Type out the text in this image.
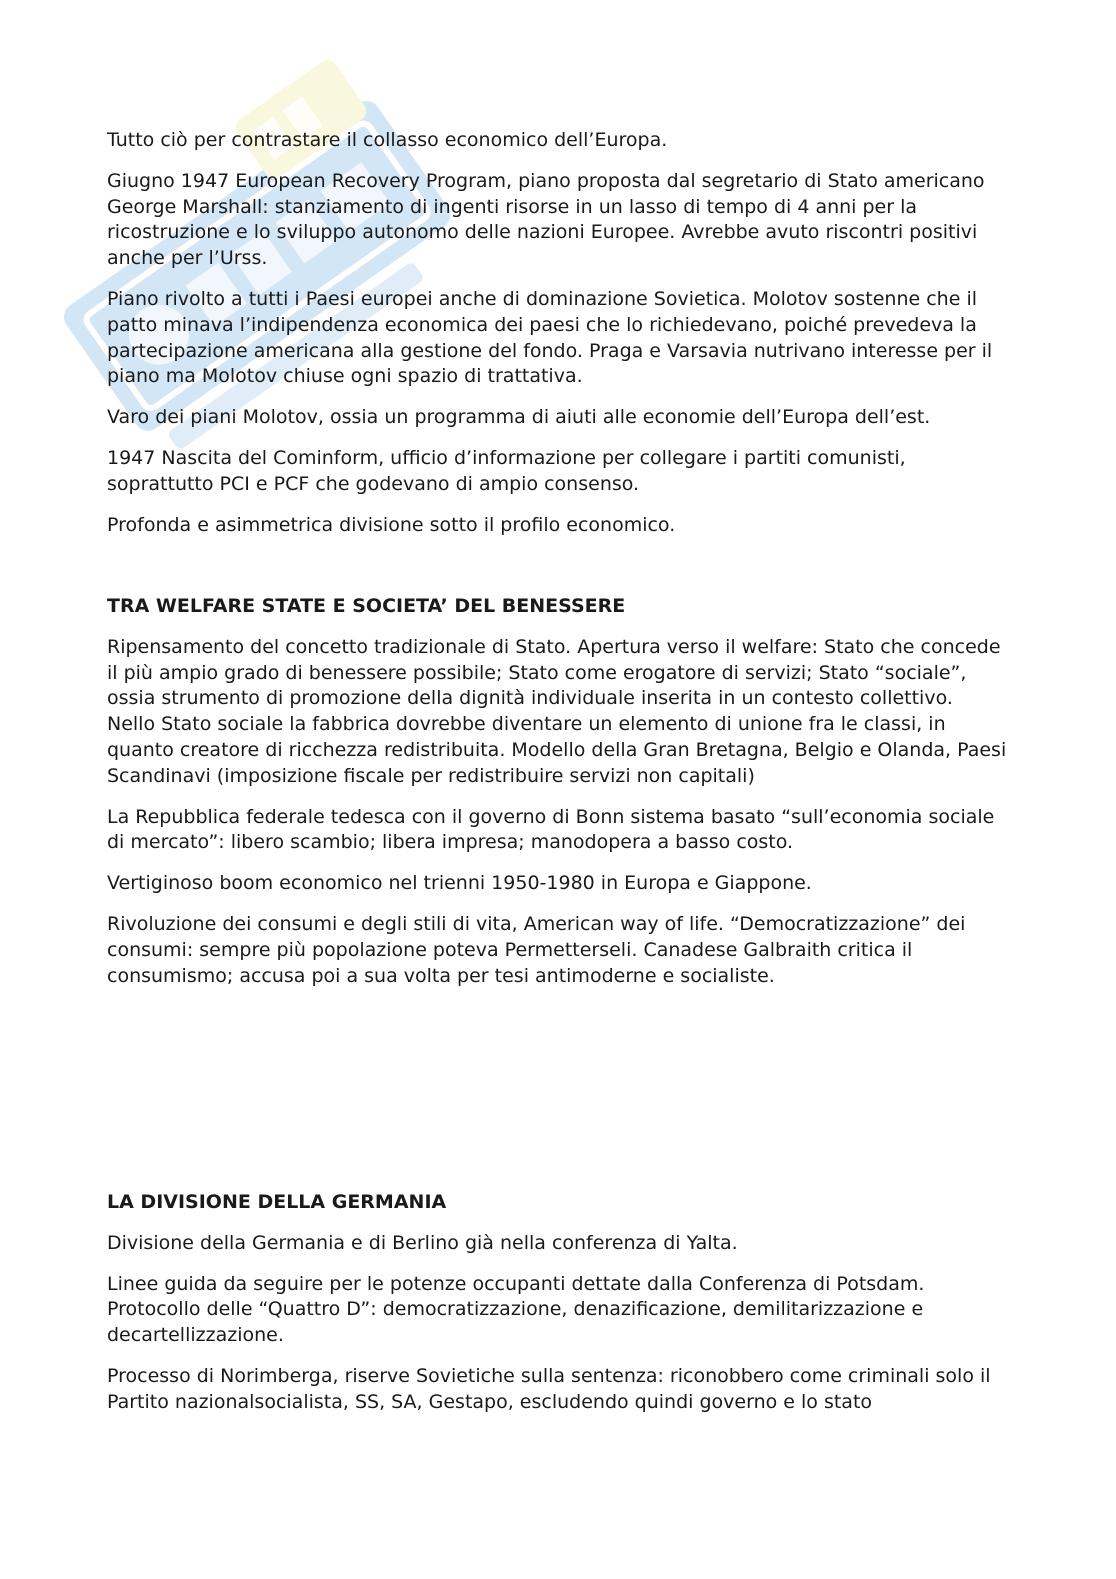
Tutto ciò per contrastare il collasso economico dell’Europa.

Giugno 1947 European Recovery Program, piano proposta dal segretario di Stato americano George Marshall: stanziamento di ingenti risorse in un lasso di tempo di 4 anni per la ricostruzione e lo sviluppo autonomo delle nazioni Europee. Avrebbe avuto riscontri positivi anche per l’Urss.

Piano rivolto a tutti i Paesi europei anche di dominazione Sovietica. Molotov sostenne che il patto minava l’indipendenza economica dei paesi che lo richiedevano, poiché prevedeva la partecipazione americana alla gestione del fondo. Praga e Varsavia nutrivano interesse per il piano ma Molotov chiuse ogni spazio di trattativa.

Varo dei piani Molotov, ossia un programma di aiuti alle economie dell’Europa dell’est.

1947 Nascita del Cominform, ufficio d’informazione per collegare i partiti comunisti, soprattutto PCI e PCF che godevano di ampio consenso.

Profonda e asimmetrica divisione sotto il profilo economico.

TRA WELFARE STATE E SOCIETA’ DEL BENESSERE

Ripensamento del concetto tradizionale di Stato. Apertura verso il welfare: Stato che concede il più ampio grado di benessere possibile; Stato come erogatore di servizi; Stato “sociale”, ossia strumento di promozione della dignità individuale inserita in un contesto collettivo. Nello Stato sociale la fabbrica dovrebbe diventare un elemento di unione fra le classi, in quanto creatore di ricchezza redistribuita. Modello della Gran Bretagna, Belgio e Olanda, Paesi Scandinavi (imposizione fiscale per redistribuire servizi non capitali)

La Repubblica federale tedesca con il governo di Bonn sistema basato “sull’economia sociale di mercato”: libero scambio; libera impresa; manodopera a basso costo.

Vertiginoso boom economico nel trienni 1950-1980 in Europa e Giappone.

Rivoluzione dei consumi e degli stili di vita, American way of life. “Democratizzazione” dei consumi: sempre più popolazione poteva Permetterseli. Canadese Galbraith critica il consumismo; accusa poi a sua volta per tesi antimoderne e socialiste.

LA DIVISIONE DELLA GERMANIA

Divisione della Germania e di Berlino già nella conferenza di Yalta.

Linee guida da seguire per le potenze occupanti dettate dalla Conferenza di Potsdam. Protocollo delle “Quattro D”: democratizzazione, denazificazione, demilitarizzazione e decartellizzazione.

Processo di Norimberga, riserve Sovietiche sulla sentenza: riconobbero come criminali solo il Partito nazionalsocialista, SS, SA, Gestapo, escludendo quindi governo e lo stato
